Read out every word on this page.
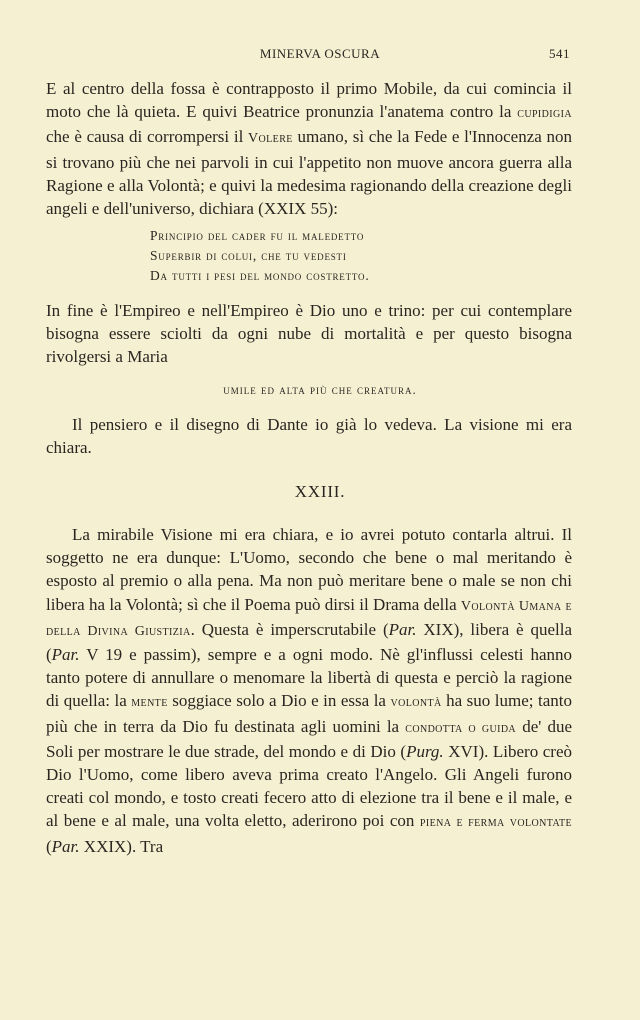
MINERVA OSCURA	541

E al centro della fossa è contrapposto il primo Mobile, da cui comincia il moto che là quieta. E quivi Beatrice pronunzia l'anatema contro la cupidigia che è causa di corrompersi il Volere umano, sì che la Fede e l'Innocenza non si trovano più che nei parvoli in cui l'appetito non muove ancora guerra alla Ragione e alla Volontà; e quivi la medesima ragionando della creazione degli angeli e dell'universo, dichiara (XXIX 55):

Principio del cader fu il maledetto
Superbir di colui, che tu vedesti
Da tutti i pesi del mondo costretto.

In fine è l'Empireo e nell'Empireo è Dio uno e trino: per cui contemplare bisogna essere sciolti da ogni nube di mortalità e per questo bisogna rivolgersi a Maria

umile ed alta più che creatura.

Il pensiero e il disegno di Dante io già lo vedeva. La visione mi era chiara.

XXIII.

La mirabile Visione mi era chiara, e io avrei potuto contarla altrui. Il soggetto ne era dunque: L'Uomo, secondo che bene o mal meritando è esposto al premio o alla pena. Ma non può meritare bene o male se non chi libera ha la Volontà; sì che il Poema può dirsi il Drama della Volontà Umana e della Divina Giustizia. Questa è imperscrutabile (Par. XIX), libera è quella (Par. V 19 e passim), sempre e a ogni modo. Nè gl'influssi celesti hanno tanto potere di annullare o menomare la libertà di questa e perciò la ragione di quella: la mente soggiace solo a Dio e in essa la volontà ha suo lume; tanto più che in terra da Dio fu destinata agli uomini la condotta o guida de' due Soli per mostrare le due strade, del mondo e di Dio (Purg. XVI). Libero creò Dio l'Uomo, come libero aveva prima creato l'Angelo. Gli Angeli furono creati col mondo, e tosto creati fecero atto di elezione tra il bene e il male, e al bene e al male, una volta eletto, aderirono poi con piena e ferma volontate (Par. XXIX). Tra
